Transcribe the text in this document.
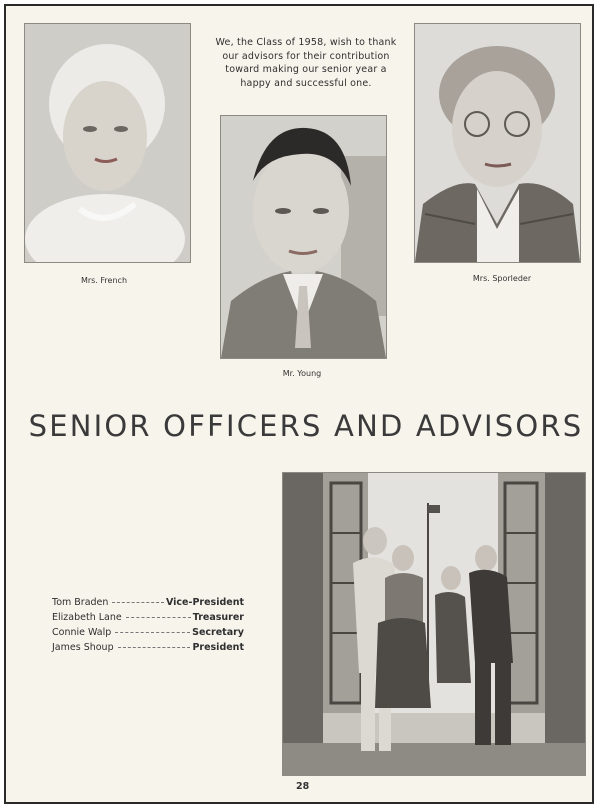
Mrs. French
We, the Class of 1958, wish to thank our advisors for their contribution toward making our senior year a happy and successful one.
Mr. Young
Mrs. Sporleder
SENIOR OFFICERS AND ADVISORS
Tom Braden	Vice-President
Elizabeth Lane	Treasurer
Connie Walp	Secretary
James Shoup	President
28
